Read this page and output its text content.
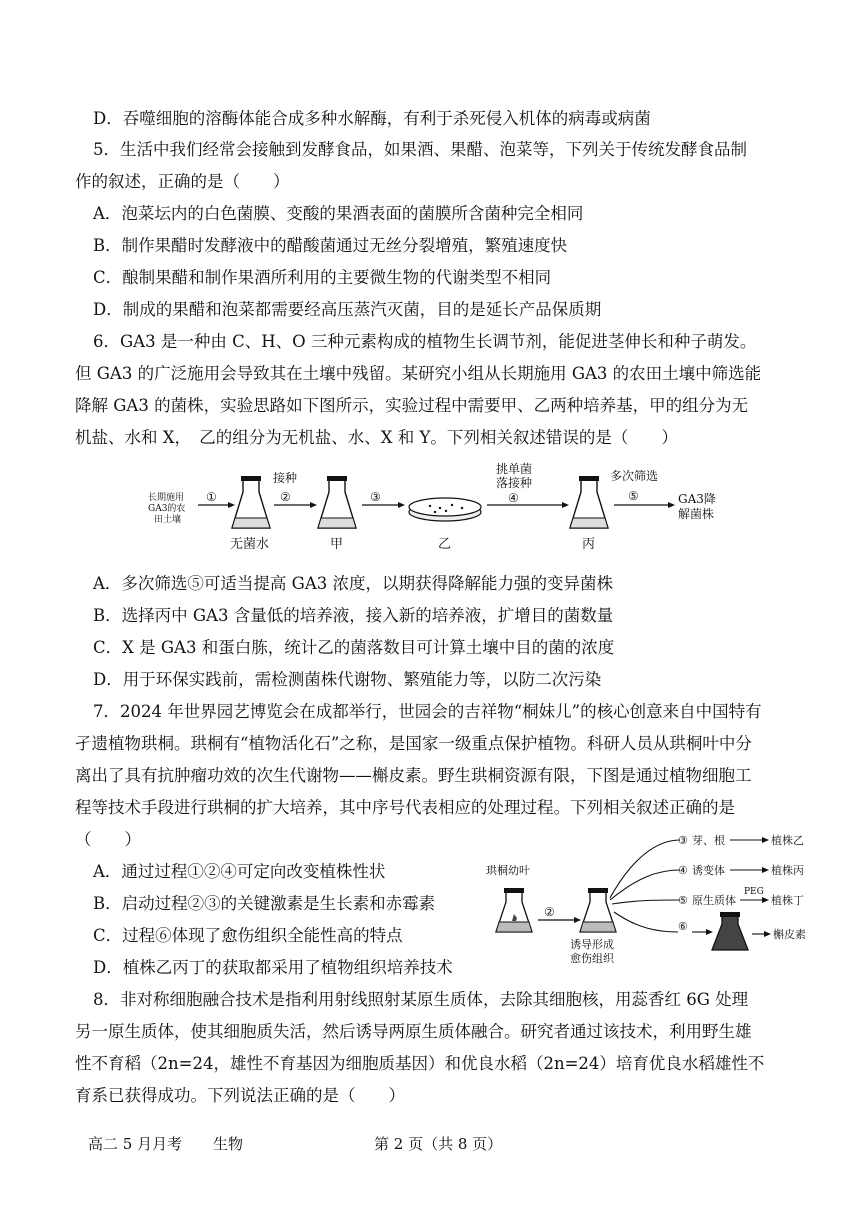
D．吞噬细胞的溶酶体能合成多种水解酶，有利于杀死侵入机体的病毒或病菌
5．生活中我们经常会接触到发酵食品，如果酒、果醋、泡菜等，下列关于传统发酵食品制
作的叙述，正确的是（　　）
A．泡菜坛内的白色菌膜、变酸的果酒表面的菌膜所含菌种完全相同
B．制作果醋时发酵液中的醋酸菌通过无丝分裂增殖，繁殖速度快
C．酿制果醋和制作果酒所利用的主要微生物的代谢类型不相同
D．制成的果醋和泡菜都需要经高压蒸汽灭菌，目的是延长产品保质期
6．GA3 是一种由 C、H、O 三种元素构成的植物生长调节剂，能促进茎伸长和种子萌发。
但 GA3 的广泛施用会导致其在土壤中残留。某研究小组从长期施用 GA3 的农田土壤中筛选能
降解 GA3 的菌株，实验思路如下图所示，实验过程中需要甲、乙两种培养基，甲的组分为无
机盐、水和 X，　乙的组分为无机盐、水、X 和 Y。下列相关叙述错误的是（　　）
长期施用
GA3的农
田土壤
①
无菌水
接种
②
甲
③
乙
挑单菌
落接种
④
丙
多次筛选
⑤	GA3降
解菌株
A．多次筛选⑤可适当提高 GA3 浓度，以期获得降解能力强的变异菌株
B．选择丙中 GA3 含量低的培养液，接入新的培养液，扩增目的菌数量
C．X 是 GA3 和蛋白胨，统计乙的菌落数目可计算土壤中目的菌的浓度
D．用于环保实践前，需检测菌株代谢物、繁殖能力等，以防二次污染
7．2024 年世界园艺博览会在成都举行，世园会的吉祥物“桐妹儿”的核心创意来自中国特有
孑遗植物珙桐。珙桐有“植物活化石”之称，是国家一级重点保护植物。科研人员从珙桐叶中分
离出了具有抗肿瘤功效的次生代谢物——槲皮素。野生珙桐资源有限，下图是通过植物细胞工
程等技术手段进行珙桐的扩大培养，其中序号代表相应的处理过程。下列相关叙述正确的是
（　　）
A．通过过程①②④可定向改变植株性状
B．启动过程②③的关键激素是生长素和赤霉素
C．过程⑥体现了愈伤组织全能性高的特点
D．植株乙丙丁的获取都采用了植物组织培养技术
珙桐幼叶
②
诱导形成
愈伤组织
③ 芽、根	植株乙
④ 诱变体	植株丙
⑤ 原生质体
PEG
植株丁
⑥
槲皮素
8．非对称细胞融合技术是指利用射线照射某原生质体，去除其细胞核，用蕊香红 6G 处理
另一原生质体，使其细胞质失活，然后诱导两原生质体融合。研究者通过该技术，利用野生雄
性不育稻（2n=24，雄性不育基因为细胞质基因）和优良水稻（2n=24）培育优良水稻雄性不
育系已获得成功。下列说法正确的是（　　）
高二 5 月月考 生物	第 2 页（共 8 页）
